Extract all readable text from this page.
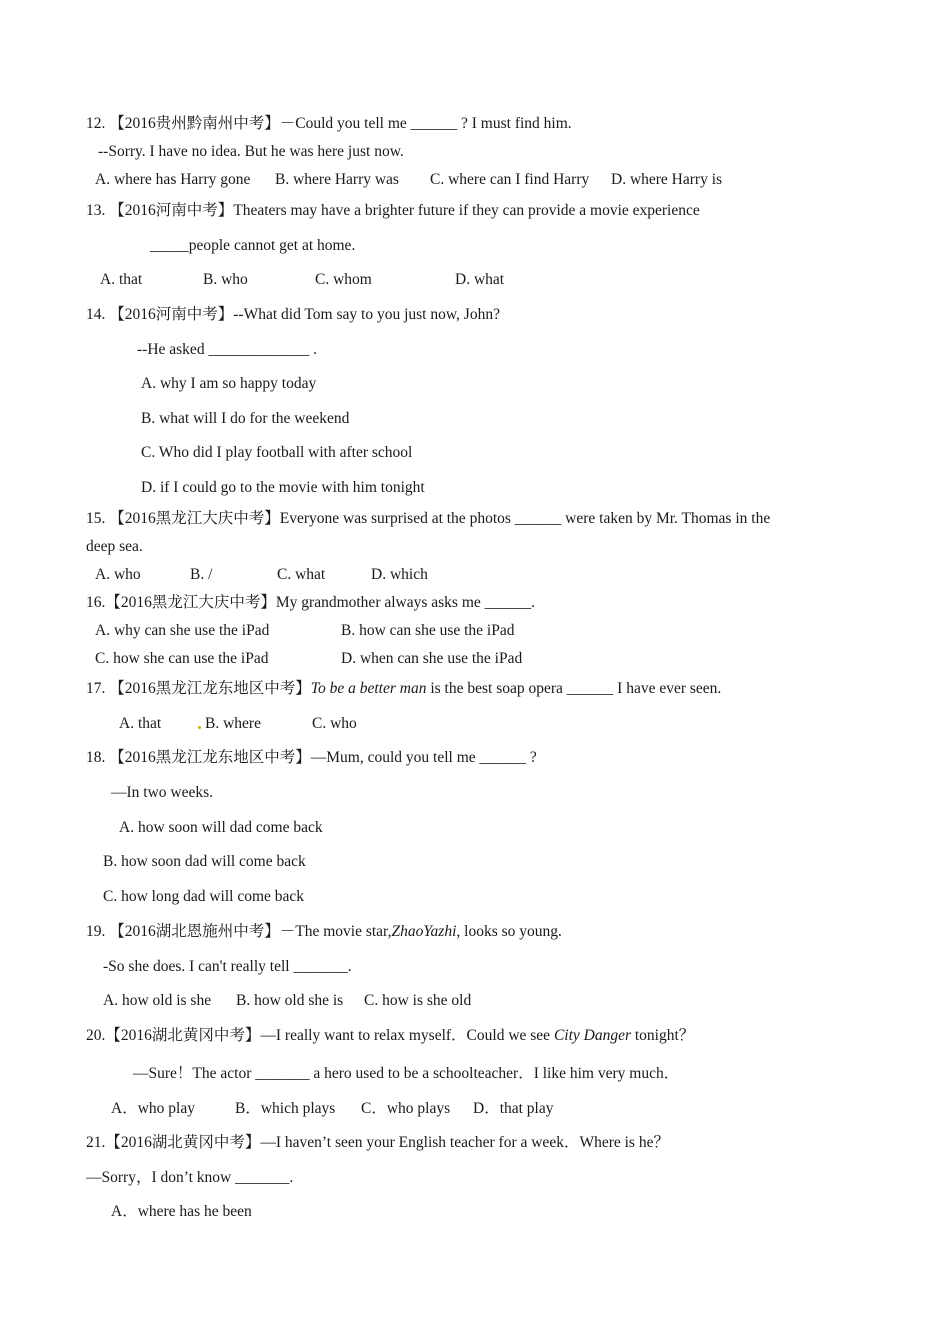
12. 【2016贵州黔南州中考】－Could you tell me ______ ? I must find him.
--Sorry. I have no idea. But he was here just now.
A. where has Harry gone B. where Harry was C. where can I find Harry D. where Harry is
13. 【2016河南中考】Theaters may have a brighter future if they can provide a movie experience
_____people cannot get at home.
A. that	B. who	C. whom	D. what
14. 【2016河南中考】--What did Tom say to you just now, John?
--He asked _____________ .
A. why I am so happy today
B. what will I do for the weekend
C. Who did I play football with after school
D. if I could go to the movie with him tonight
15. 【2016黑龙江大庆中考】Everyone was surprised at the photos ______ were taken by Mr. Thomas in the
deep sea.
A. who	B. /	C. what	D. which
16.【2016黑龙江大庆中考】My grandmother always asks me ______.
A. why can she use the iPad	B. how can she use the iPad
C. how she can use the iPad	D. when can she use the iPad
17. 【2016黑龙江龙东地区中考】To be a better man is the best soap opera ______ I have ever seen.
A. that	B. where	C. who
18. 【2016黑龙江龙东地区中考】—Mum, could you tell me ______ ?
—In two weeks.
A. how soon will dad come back
B. how soon dad will come back
C. how long dad will come back
19. 【2016湖北恩施州中考】－The movie star,ZhaoYazhi, looks so young.
-So she does. I can't really tell _______.
A. how old is she B. how old she is C. how is she old
20.【2016湖北黄冈中考】—I really want to relax myself．Could we see City Danger tonight？
—Sure！The actor _______ a hero used to be a schoolteacher．I like him very much．
A．who play	B．which plays C．who plays D．that play
21.【2016湖北黄冈中考】—I haven’t seen your English teacher for a week．Where is he？
—Sorry，I don’t know _______.
A．where has he been
